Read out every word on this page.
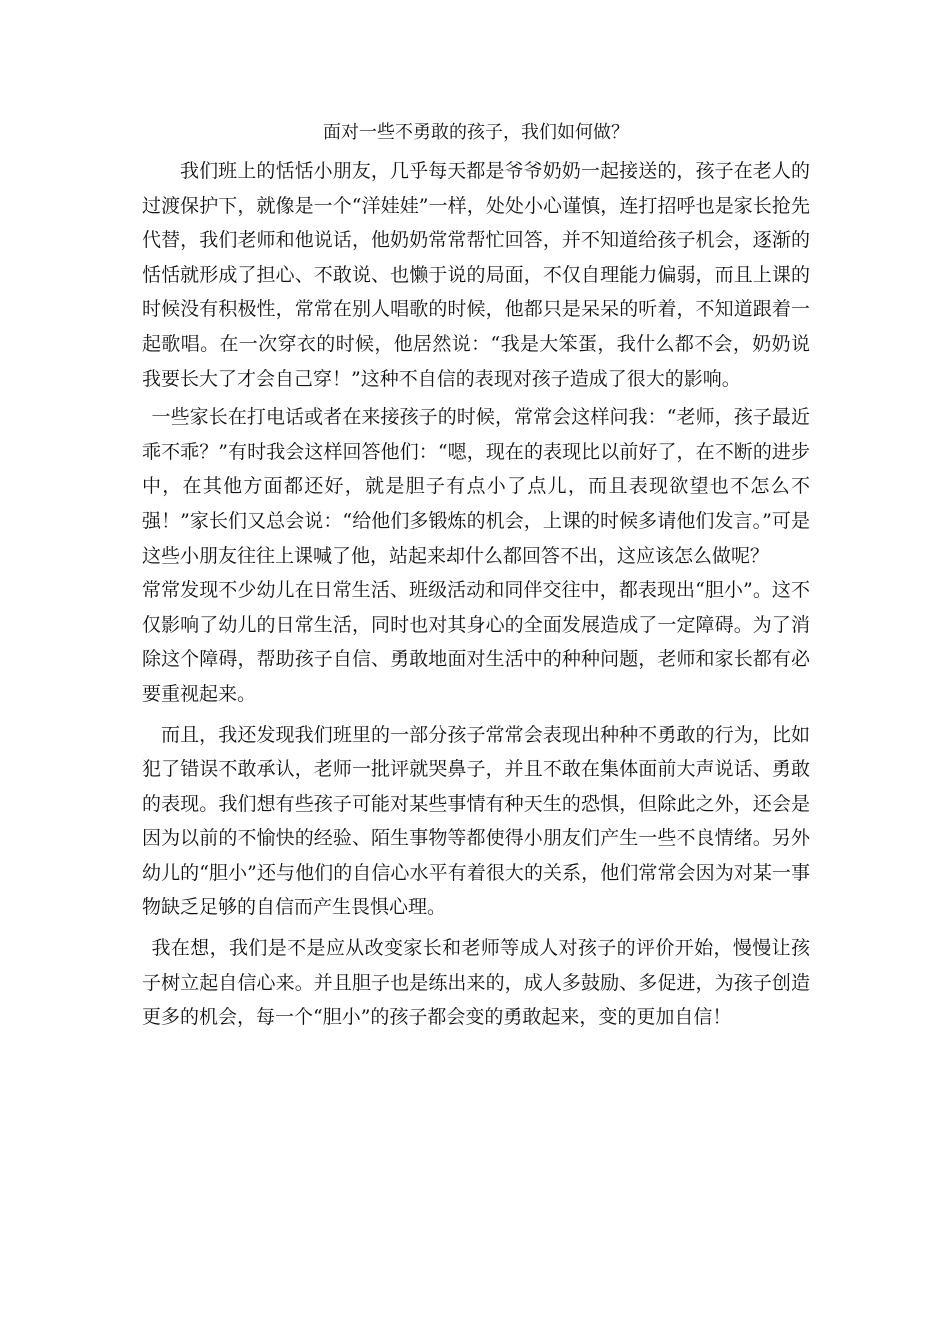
面对一些不勇敢的孩子，我们如何做？

我们班上的恬恬小朋友，几乎每天都是爷爷奶奶一起接送的，孩子在老人的过渡保护下，就像是一个“洋娃娃”一样，处处小心谨慎，连打招呼也是家长抢先代替，我们老师和他说话，他奶奶常常帮忙回答，并不知道给孩子机会，逐渐的恬恬就形成了担心、不敢说、也懒于说的局面，不仅自理能力偏弱，而且上课的时候没有积极性，常常在别人唱歌的时候，他都只是呆呆的听着，不知道跟着一起歌唱。在一次穿衣的时候，他居然说：“我是大笨蛋，我什么都不会，奶奶说我要长大了才会自己穿！”这种不自信的表现对孩子造成了很大的影响。

一些家长在打电话或者在来接孩子的时候，常常会这样问我：“老师，孩子最近乖不乖？”有时我会这样回答他们：“嗯，现在的表现比以前好了，在不断的进步中，在其他方面都还好，就是胆子有点小了点儿，而且表现欲望也不怎么不强！”家长们又总会说：“给他们多锻炼的机会，上课的时候多请他们发言。”可是这些小朋友往往上课喊了他，站起来却什么都回答不出，这应该怎么做呢？

常常发现不少幼儿在日常生活、班级活动和同伴交往中，都表现出“胆小”。这不仅影响了幼儿的日常生活，同时也对其身心的全面发展造成了一定障碍。为了消除这个障碍，帮助孩子自信、勇敢地面对生活中的种种问题，老师和家长都有必要重视起来。

而且，我还发现我们班里的一部分孩子常常会表现出种种不勇敢的行为，比如犯了错误不敢承认，老师一批评就哭鼻子，并且不敢在集体面前大声说话、勇敢的表现。我们想有些孩子可能对某些事情有种天生的恐惧，但除此之外，还会是因为以前的不愉快的经验、陌生事物等都使得小朋友们产生一些不良情绪。另外幼儿的“胆小”还与他们的自信心水平有着很大的关系，他们常常会因为对某一事物缺乏足够的自信而产生畏惧心理。

我在想，我们是不是应从改变家长和老师等成人对孩子的评价开始，慢慢让孩子树立起自信心来。并且胆子也是练出来的，成人多鼓励、多促进，为孩子创造更多的机会，每一个“胆小”的孩子都会变的勇敢起来，变的更加自信！
